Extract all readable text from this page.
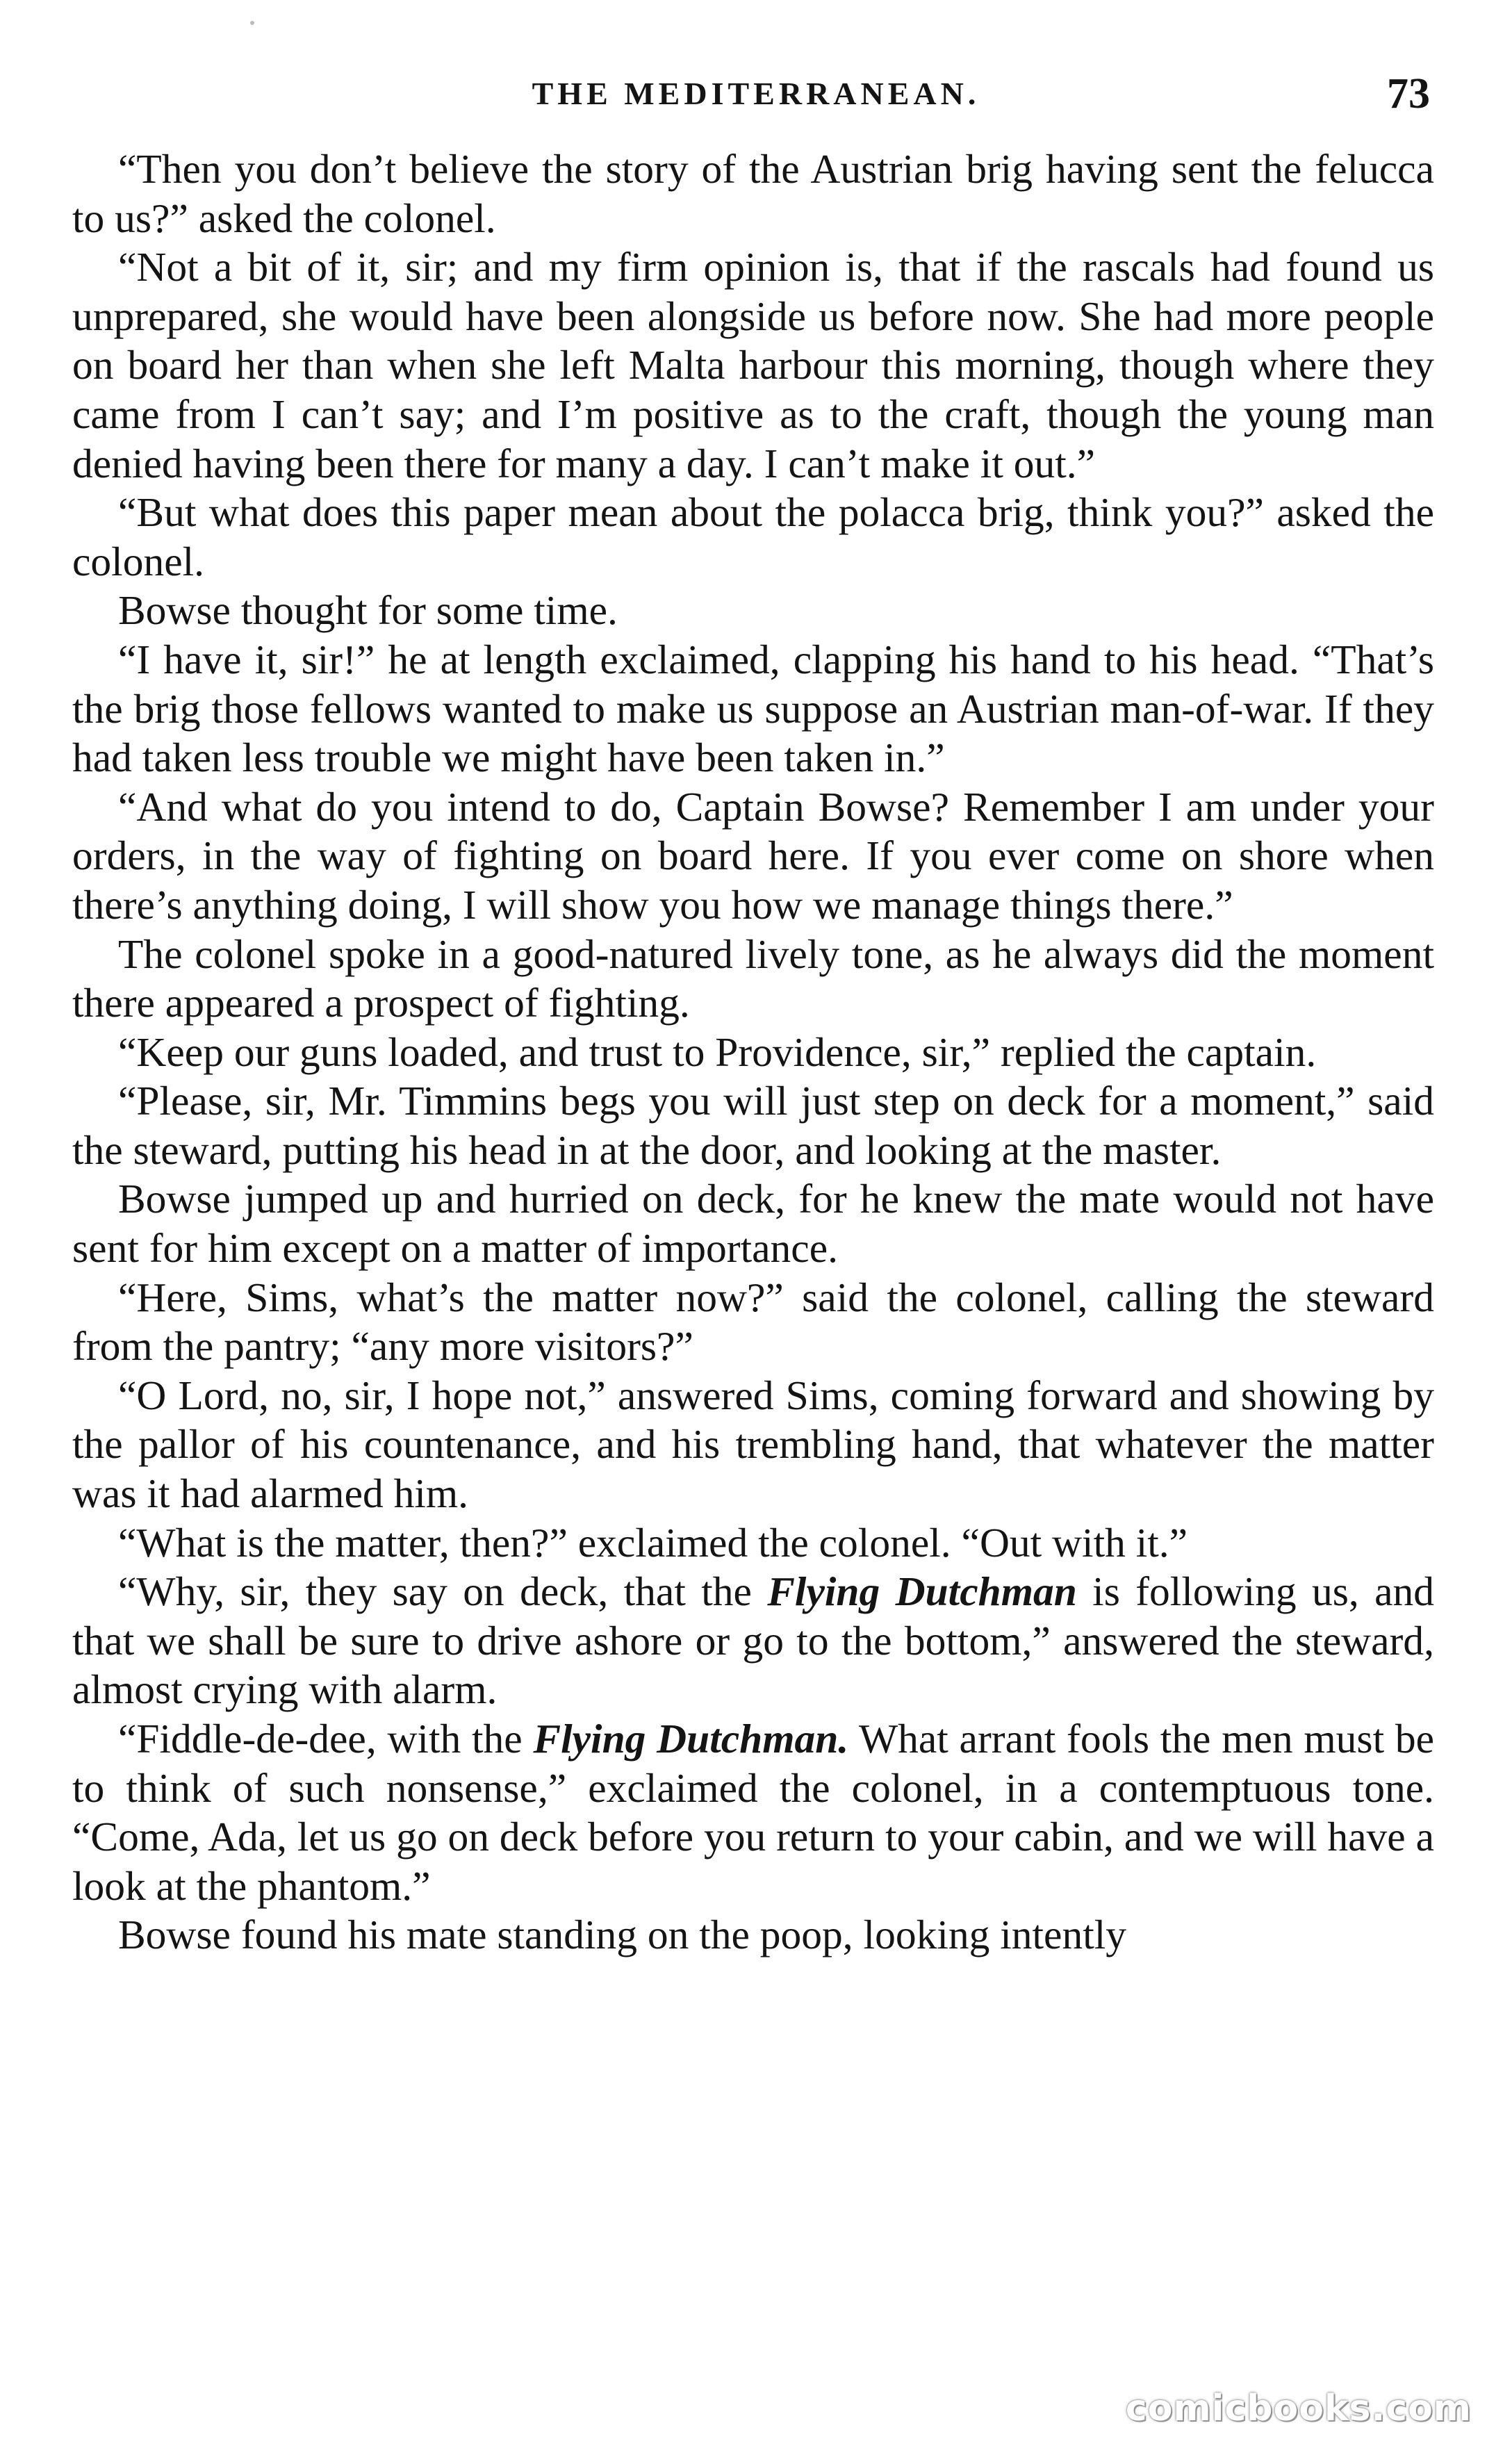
THE MEDITERRANEAN.	73

“Then you don’t believe the story of the Austrian brig having sent the felucca to us?” asked the colonel.

“Not a bit of it, sir; and my firm opinion is, that if the rascals had found us unprepared, she would have been alongside us before now. She had more people on board her than when she left Malta harbour this morning, though where they came from I can’t say; and I’m positive as to the craft, though the young man denied having been there for many a day. I can’t make it out.”

“But what does this paper mean about the polacca brig, think you?” asked the colonel.

Bowse thought for some time.

“I have it, sir!” he at length exclaimed, clapping his hand to his head. “That’s the brig those fellows wanted to make us suppose an Austrian man-of-war. If they had taken less trouble we might have been taken in.”

“And what do you intend to do, Captain Bowse? Remember I am under your orders, in the way of fighting on board here. If you ever come on shore when there’s anything doing, I will show you how we manage things there.”

The colonel spoke in a good-natured lively tone, as he always did the moment there appeared a prospect of fighting.

“Keep our guns loaded, and trust to Providence, sir,” replied the captain.

“Please, sir, Mr. Timmins begs you will just step on deck for a moment,” said the steward, putting his head in at the door, and looking at the master.

Bowse jumped up and hurried on deck, for he knew the mate would not have sent for him except on a matter of importance.

“Here, Sims, what’s the matter now?” said the colonel, calling the steward from the pantry; “any more visitors?”

“O Lord, no, sir, I hope not,” answered Sims, coming forward and showing by the pallor of his countenance, and his trembling hand, that whatever the matter was it had alarmed him.

“What is the matter, then?” exclaimed the colonel. “Out with it.”

“Why, sir, they say on deck, that the Flying Dutchman is following us, and that we shall be sure to drive ashore or go to the bottom,” answered the steward, almost crying with alarm.

“Fiddle-de-dee, with the Flying Dutchman. What arrant fools the men must be to think of such nonsense,” exclaimed the colonel, in a contemptuous tone. “Come, Ada, let us go on deck before you return to your cabin, and we will have a look at the phantom.”

Bowse found his mate standing on the poop, looking intently

comicbooks.com
